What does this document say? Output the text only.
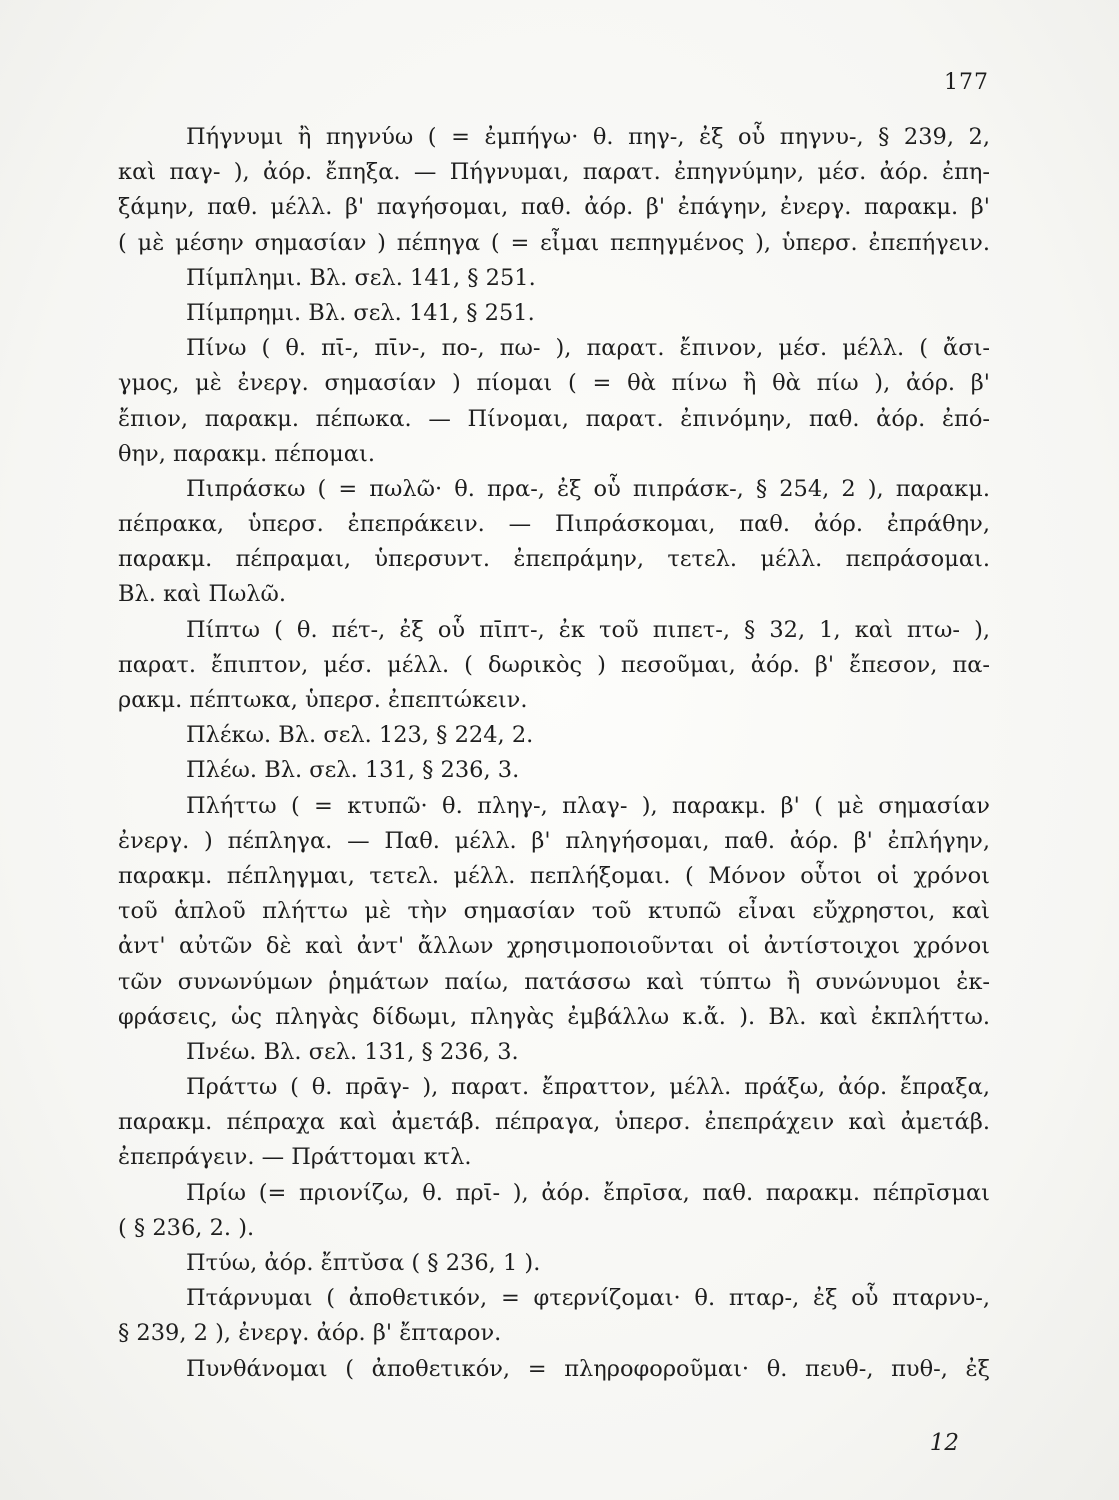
177
Πήγνυμι ἢ πηγνύω ( = ἐμπήγω· θ. πηγ-, ἐξ οὗ πηγνυ-, § 239, 2,
καὶ παγ- ), ἀόρ. ἔπηξα. — Πήγνυμαι, παρατ. ἐπηγνύμην, μέσ. ἀόρ. ἐπη-
ξάμην, παθ. μέλλ. β' παγήσομαι, παθ. ἀόρ. β' ἐπάγην, ἐνεργ. παρακμ. β'
( μὲ μέσην σημασίαν ) πέπηγα ( = εἶμαι πεπηγμένος ), ὑπερσ. ἐπεπήγειν.
Πίμπλημι. Βλ. σελ. 141, § 251.
Πίμπρημι. Βλ. σελ. 141, § 251.
Πίνω ( θ. πῑ-, πῑν-, πο-, πω- ), παρατ. ἔπινον, μέσ. μέλλ. ( ἄσι-
γμος, μὲ ἐνεργ. σημασίαν ) πίομαι ( = θὰ πίνω ἢ θὰ πίω ), ἀόρ. β'
ἔπιον, παρακμ. πέπωκα. — Πίνομαι, παρατ. ἐπινόμην, παθ. ἀόρ. ἐπό-
θην, παρακμ. πέπομαι.
Πιπράσκω ( = πωλῶ· θ. πρα-, ἐξ οὗ πιπράσκ-, § 254, 2 ), παρακμ.
πέπρακα, ὑπερσ. ἐπεπράκειν. — Πιπράσκομαι, παθ. ἀόρ. ἐπράθην,
παρακμ. πέπραμαι, ὑπερσυντ. ἐπεπράμην, τετελ. μέλλ. πεπράσομαι.
Βλ. καὶ Πωλῶ.
Πίπτω ( θ. πέτ-, ἐξ οὗ πῑπτ-, ἐκ τοῦ πιπετ-, § 32, 1, καὶ πτω- ),
παρατ. ἔπιπτον, μέσ. μέλλ. ( δωρικὸς ) πεσοῦμαι, ἀόρ. β' ἔπεσον, πα-
ρακμ. πέπτωκα, ὑπερσ. ἐπεπτώκειν.
Πλέκω. Βλ. σελ. 123, § 224, 2.
Πλέω. Βλ. σελ. 131, § 236, 3.
Πλήττω ( = κτυπῶ· θ. πληγ-, πλαγ- ), παρακμ. β' ( μὲ σημασίαν
ἐνεργ. ) πέπληγα. — Παθ. μέλλ. β' πληγήσομαι, παθ. ἀόρ. β' ἐπλήγην,
παρακμ. πέπληγμαι, τετελ. μέλλ. πεπλήξομαι. ( Μόνον οὗτοι οἱ χρόνοι
τοῦ ἁπλοῦ πλήττω μὲ τὴν σημασίαν τοῦ κτυπῶ εἶναι εὔχρηστοι, καὶ
ἀντ' αὐτῶν δὲ καὶ ἀντ' ἄλλων χρησιμοποιοῦνται οἱ ἀντίστοιχοι χρόνοι
τῶν συνωνύμων ῥημάτων παίω, πατάσσω καὶ τύπτω ἢ συνώνυμοι ἐκ-
φράσεις, ὡς πληγὰς δίδωμι, πληγὰς ἐμβάλλω κ.ἄ. ). Βλ. καὶ ἐκπλήττω.
Πνέω. Βλ. σελ. 131, § 236, 3.
Πράττω ( θ. πρᾱγ- ), παρατ. ἔπραττον, μέλλ. πράξω, ἀόρ. ἔπραξα,
παρακμ. πέπραχα καὶ ἀμετάβ. πέπραγα, ὑπερσ. ἐπεπράχειν καὶ ἀμετάβ.
ἐπεπράγειν. — Πράττομαι κτλ.
Πρίω (= πριονίζω, θ. πρῑ- ), ἀόρ. ἔπρῑσα, παθ. παρακμ. πέπρῑσμαι
( § 236, 2. ).
Πτύω, ἀόρ. ἔπτῠσα ( § 236, 1 ).
Πτάρνυμαι ( ἀποθετικόν, = φτερνίζομαι· θ. πταρ-, ἐξ οὗ πταρνυ-,
§ 239, 2 ), ἐνεργ. ἀόρ. β' ἔπταρον.
Πυνθάνομαι ( ἀποθετικόν, = πληροφοροῦμαι· θ. πευθ-, πυθ-, ἐξ
12
